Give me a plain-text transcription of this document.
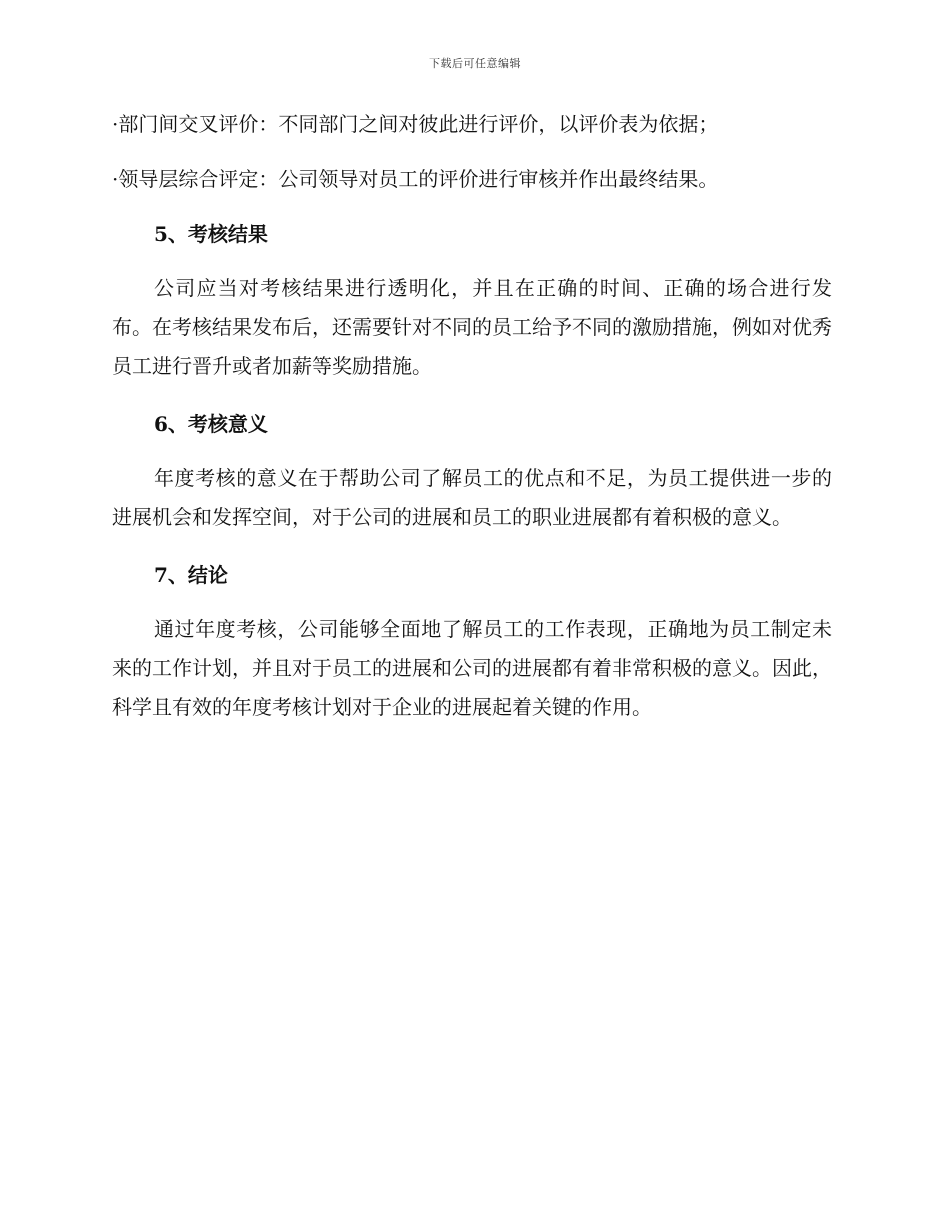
下载后可任意编辑

·部门间交叉评价：不同部门之间对彼此进行评价，以评价表为依据；

·领导层综合评定：公司领导对员工的评价进行审核并作出最终结果。

5、考核结果

公司应当对考核结果进行透明化，并且在正确的时间、正确的场合进行发布。在考核结果发布后，还需要针对不同的员工给予不同的激励措施，例如对优秀员工进行晋升或者加薪等奖励措施。

6、考核意义

年度考核的意义在于帮助公司了解员工的优点和不足，为员工提供进一步的进展机会和发挥空间，对于公司的进展和员工的职业进展都有着积极的意义。

7、结论

通过年度考核，公司能够全面地了解员工的工作表现，正确地为员工制定未来的工作计划，并且对于员工的进展和公司的进展都有着非常积极的意义。因此，科学且有效的年度考核计划对于企业的进展起着关键的作用。
